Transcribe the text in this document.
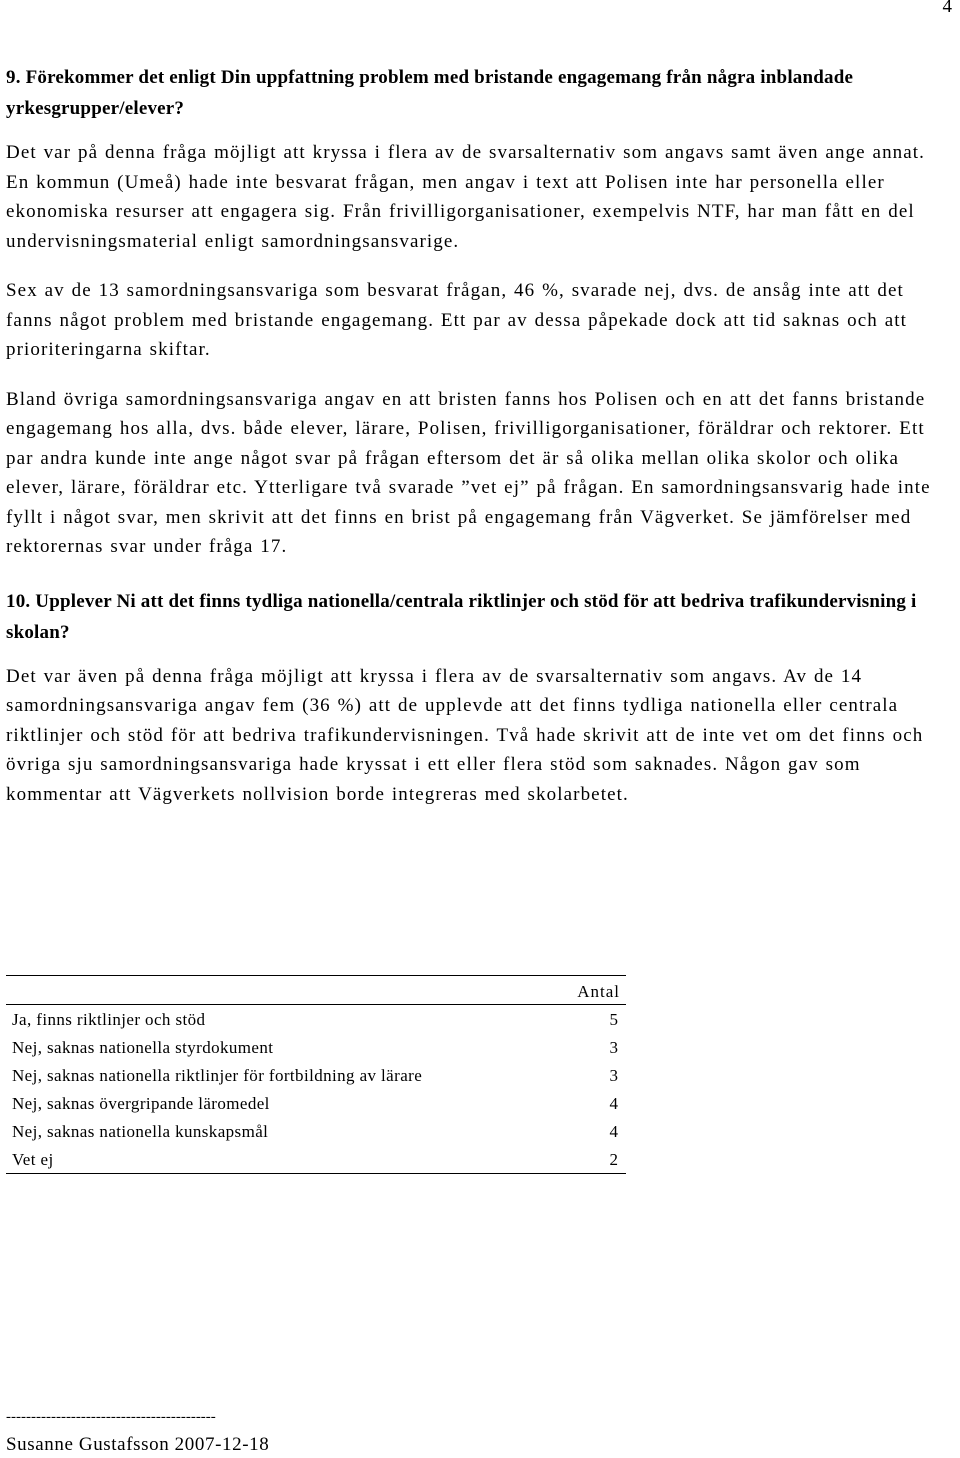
4

9. Förekommer det enligt Din uppfattning problem med bristande engagemang från några inblandade yrkesgrupper/elever?

Det var på denna fråga möjligt att kryssa i flera av de svarsalternativ som angavs samt även ange annat. En kommun (Umeå) hade inte besvarat frågan, men angav i text att Polisen inte har personella eller ekonomiska resurser att engagera sig. Från frivilligorganisationer, exempelvis NTF, har man fått en del undervisningsmaterial enligt samordningsansvarige.

Sex av de 13 samordningsansvariga som besvarat frågan, 46 %, svarade nej, dvs. de ansåg inte att det fanns något problem med bristande engagemang. Ett par av dessa påpekade dock att tid saknas och att prioriteringarna skiftar.

Bland övriga samordningsansvariga angav en att bristen fanns hos Polisen och en att det fanns bristande engagemang hos alla, dvs. både elever, lärare, Polisen, frivilligorganisationer, föräldrar och rektorer. Ett par andra kunde inte ange något svar på frågan eftersom det är så olika mellan olika skolor och olika elever, lärare, föräldrar etc. Ytterligare två svarade ”vet ej” på frågan. En samordningsansvarig hade inte fyllt i något svar, men skrivit att det finns en brist på engagemang från Vägverket. Se jämförelser med rektorernas svar under fråga 17.

10. Upplever Ni att det finns tydliga nationella/centrala riktlinjer och stöd för att bedriva trafikundervisning i skolan?

Det var även på denna fråga möjligt att kryssa i flera av de svarsalternativ som angavs. Av de 14 samordningsansvariga angav fem (36 %) att de upplevde att det finns tydliga nationella eller centrala riktlinjer och stöd för att bedriva trafikundervisningen. Två hade skrivit att de inte vet om det finns och övriga sju samordningsansvariga hade kryssat i ett eller flera stöd som saknades. Någon gav som kommentar att Vägverkets nollvision borde integreras med skolarbetet.

Antal
Ja, finns riktlinjer och stöd	5
Nej, saknas nationella styrdokument	3
Nej, saknas nationella riktlinjer för fortbildning av lärare	3
Nej, saknas övergripande läromedel	4
Nej, saknas nationella kunskapsmål	4
Vet ej	2
------------------------------------------
Susanne Gustafsson 2007-12-18
